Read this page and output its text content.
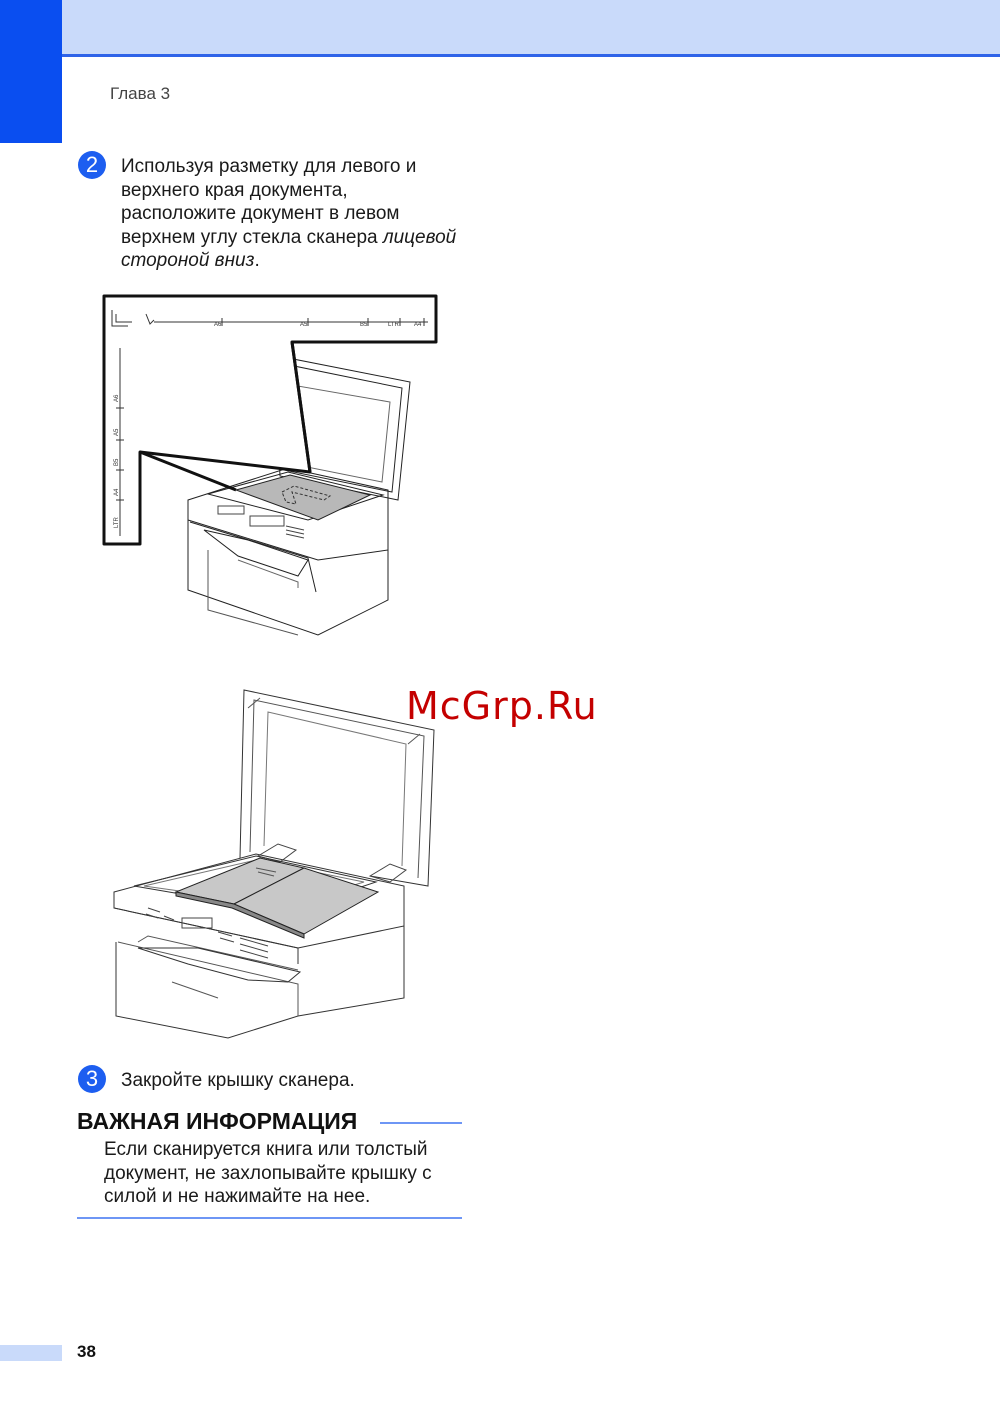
Глава 3
2	Используя разметку для левого и
верхнего края документа,
расположите документ в левом
верхнем углу стекла сканера лицевой
стороной вниз.
A6	A5	B5	LTR	A4
A6
A5
B5
A4
LTR
McGrp.Ru
3	Закройте крышку сканера.
ВАЖНАЯ ИНФОРМАЦИЯ
Если сканируется книга или толстый
документ, не захлопывайте крышку с
силой и не нажимайте на нее.
38
